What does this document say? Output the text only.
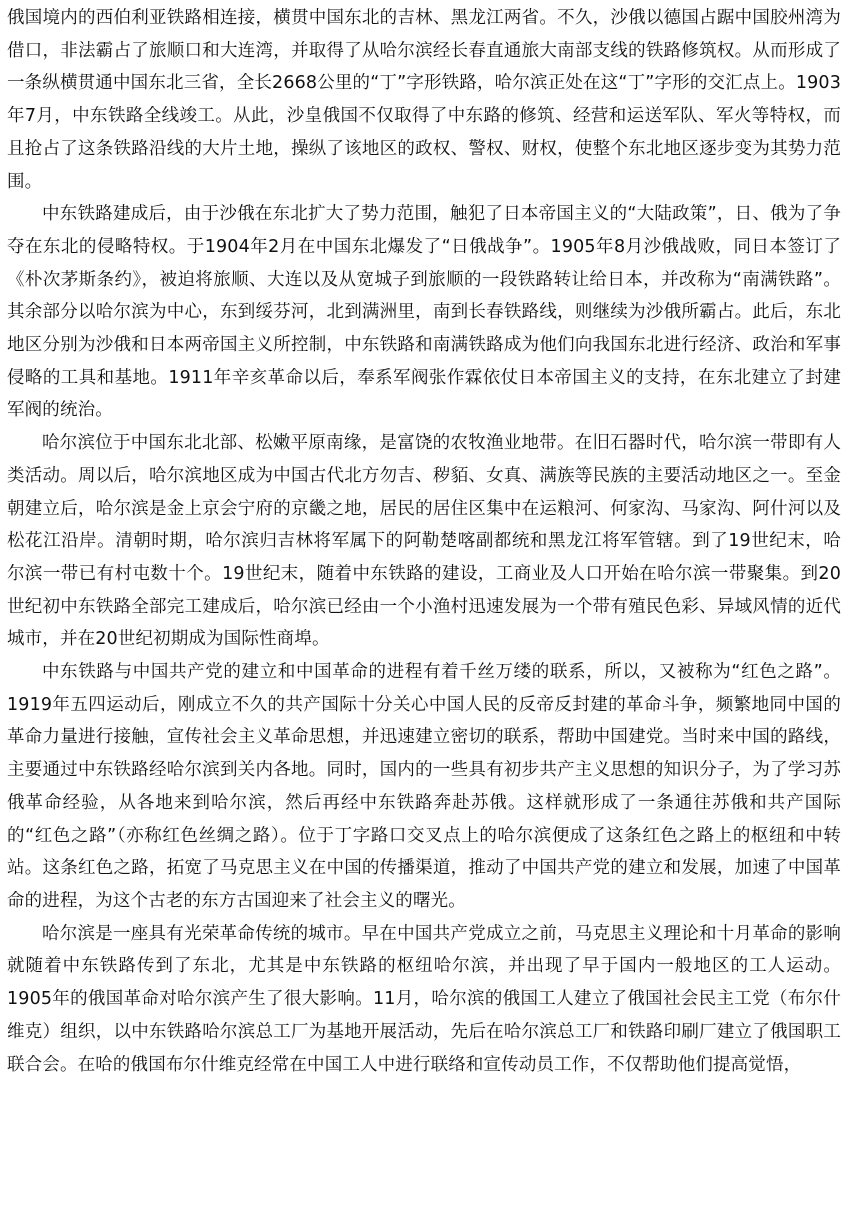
俄国境内的西伯利亚铁路相连接，横贯中国东北的吉林、黑龙江两省。不久，沙俄以德国占踞中国胶州湾为借口，非法霸占了旅顺口和大连湾，并取得了从哈尔滨经长春直通旅大南部支线的铁路修筑权。从而形成了一条纵横贯通中国东北三省，全长2668公里的“丁”字形铁路，哈尔滨正处在这“丁”字形的交汇点上。1903年7月，中东铁路全线竣工。从此，沙皇俄国不仅取得了中东路的修筑、经营和运送军队、军火等特权，而且抢占了这条铁路沿线的大片土地，操纵了该地区的政权、警权、财权，使整个东北地区逐步变为其势力范围。

中东铁路建成后，由于沙俄在东北扩大了势力范围，触犯了日本帝国主义的“大陆政策”，日、俄为了争夺在东北的侵略特权。于1904年2月在中国东北爆发了“日俄战争”。1905年8月沙俄战败，同日本签订了《朴次茅斯条约》，被迫将旅顺、大连以及从宽城子到旅顺的一段铁路转让给日本，并改称为“南满铁路”。其余部分以哈尔滨为中心，东到绥芬河，北到满洲里，南到长春铁路线，则继续为沙俄所霸占。此后，东北地区分别为沙俄和日本两帝国主义所控制，中东铁路和南满铁路成为他们向我国东北进行经济、政治和军事侵略的工具和基地。1911年辛亥革命以后，奉系军阀张作霖依仗日本帝国主义的支持，在东北建立了封建军阀的统治。

哈尔滨位于中国东北北部、松嫩平原南缘，是富饶的农牧渔业地带。在旧石器时代，哈尔滨一带即有人类活动。周以后，哈尔滨地区成为中国古代北方勿吉、秽貊、女真、满族等民族的主要活动地区之一。至金朝建立后，哈尔滨是金上京会宁府的京畿之地，居民的居住区集中在运粮河、何家沟、马家沟、阿什河以及松花江沿岸。清朝时期，哈尔滨归吉林将军属下的阿勒楚喀副都统和黑龙江将军管辖。到了19世纪末，哈尔滨一带已有村屯数十个。19世纪末，随着中东铁路的建设，工商业及人口开始在哈尔滨一带聚集。到20世纪初中东铁路全部完工建成后，哈尔滨已经由一个小渔村迅速发展为一个带有殖民色彩、异域风情的近代城市，并在20世纪初期成为国际性商埠。

中东铁路与中国共产党的建立和中国革命的进程有着千丝万缕的联系，所以，又被称为“红色之路”。1919年五四运动后，刚成立不久的共产国际十分关心中国人民的反帝反封建的革命斗争，频繁地同中国的革命力量进行接触，宣传社会主义革命思想，并迅速建立密切的联系，帮助中国建党。当时来中国的路线，主要通过中东铁路经哈尔滨到关内各地。同时，国内的一些具有初步共产主义思想的知识分子，为了学习苏俄革命经验，从各地来到哈尔滨，然后再经中东铁路奔赴苏俄。这样就形成了一条通往苏俄和共产国际的“红色之路”（亦称红色丝绸之路）。位于丁字路口交叉点上的哈尔滨便成了这条红色之路上的枢纽和中转站。这条红色之路，拓宽了马克思主义在中国的传播渠道，推动了中国共产党的建立和发展，加速了中国革命的进程，为这个古老的东方古国迎来了社会主义的曙光。

哈尔滨是一座具有光荣革命传统的城市。早在中国共产党成立之前，马克思主义理论和十月革命的影响就随着中东铁路传到了东北，尤其是中东铁路的枢纽哈尔滨，并出现了早于国内一般地区的工人运动。1905年的俄国革命对哈尔滨产生了很大影响。11月，哈尔滨的俄国工人建立了俄国社会民主工党（布尔什维克）组织，以中东铁路哈尔滨总工厂为基地开展活动，先后在哈尔滨总工厂和铁路印刷厂建立了俄国职工联合会。在哈的俄国布尔什维克经常在中国工人中进行联络和宣传动员工作，不仅帮助他们提高觉悟，
